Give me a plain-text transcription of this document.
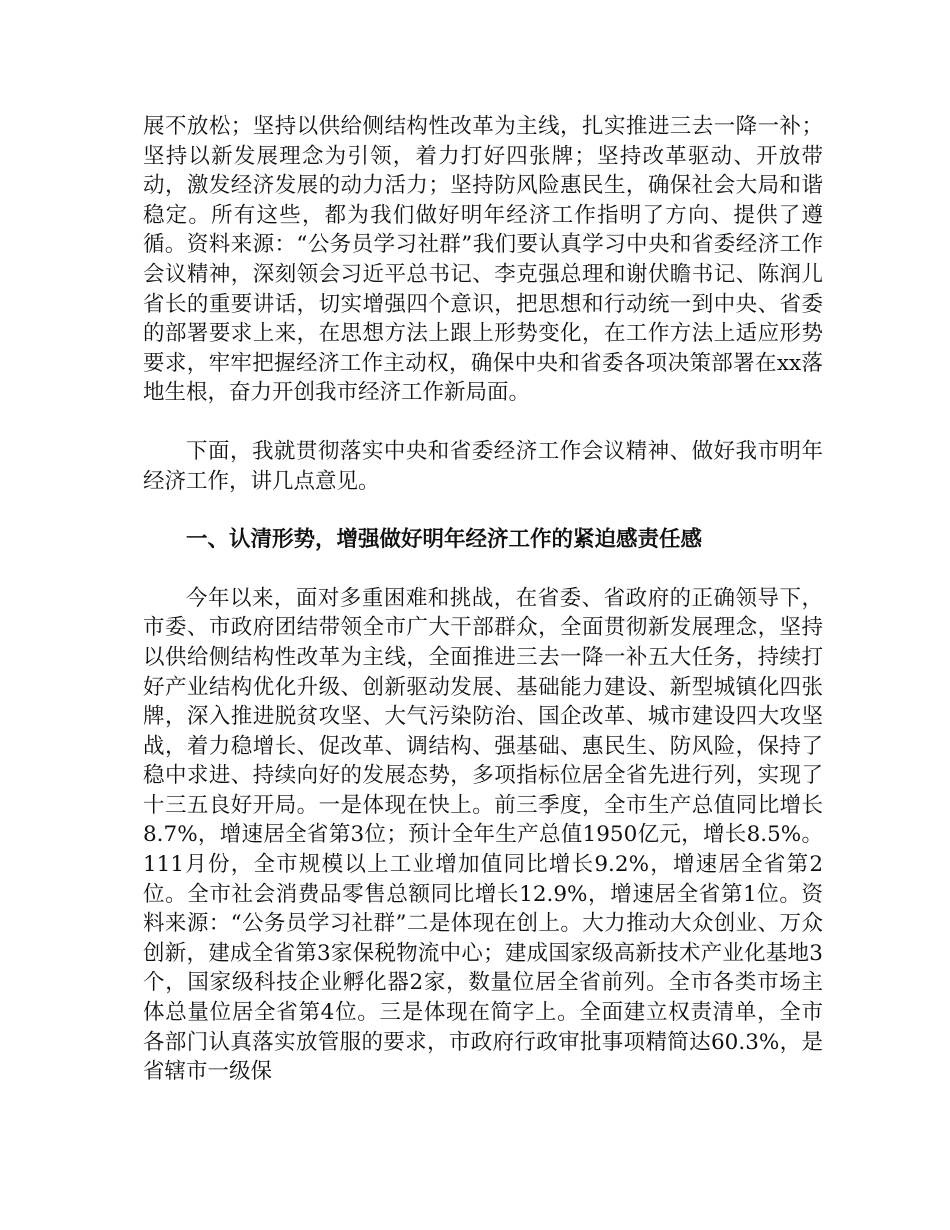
展不放松；坚持以供给侧结构性改革为主线，扎实推进三去一降一补；坚持以新发展理念为引领，着力打好四张牌；坚持改革驱动、开放带动，激发经济发展的动力活力；坚持防风险惠民生，确保社会大局和谐稳定。所有这些，都为我们做好明年经济工作指明了方向、提供了遵循。资料来源：“公务员学习社群”我们要认真学习中央和省委经济工作会议精神，深刻领会习近平总书记、李克强总理和谢伏瞻书记、陈润儿省长的重要讲话，切实增强四个意识，把思想和行动统一到中央、省委的部署要求上来，在思想方法上跟上形势变化，在工作方法上适应形势要求，牢牢把握经济工作主动权，确保中央和省委各项决策部署在xx落地生根，奋力开创我市经济工作新局面。

下面，我就贯彻落实中央和省委经济工作会议精神、做好我市明年经济工作，讲几点意见。

一、认清形势，增强做好明年经济工作的紧迫感责任感

今年以来，面对多重困难和挑战，在省委、省政府的正确领导下，市委、市政府团结带领全市广大干部群众，全面贯彻新发展理念，坚持以供给侧结构性改革为主线，全面推进三去一降一补五大任务，持续打好产业结构优化升级、创新驱动发展、基础能力建设、新型城镇化四张牌，深入推进脱贫攻坚、大气污染防治、国企改革、城市建设四大攻坚战，着力稳增长、促改革、调结构、强基础、惠民生、防风险，保持了稳中求进、持续向好的发展态势，多项指标位居全省先进行列，实现了十三五良好开局。一是体现在快上。前三季度，全市生产总值同比增长8.7%，增速居全省第3位；预计全年生产总值1950亿元，增长8.5%。111月份，全市规模以上工业增加值同比增长9.2%，增速居全省第2位。全市社会消费品零售总额同比增长12.9%，增速居全省第1位。资料来源：“公务员学习社群”二是体现在创上。大力推动大众创业、万众创新，建成全省第3家保税物流中心；建成国家级高新技术产业化基地3个，国家级科技企业孵化器2家，数量位居全省前列。全市各类市场主体总量位居全省第4位。三是体现在简字上。全面建立权责清单，全市各部门认真落实放管服的要求，市政府行政审批事项精简达60.3%，是省辖市一级保
